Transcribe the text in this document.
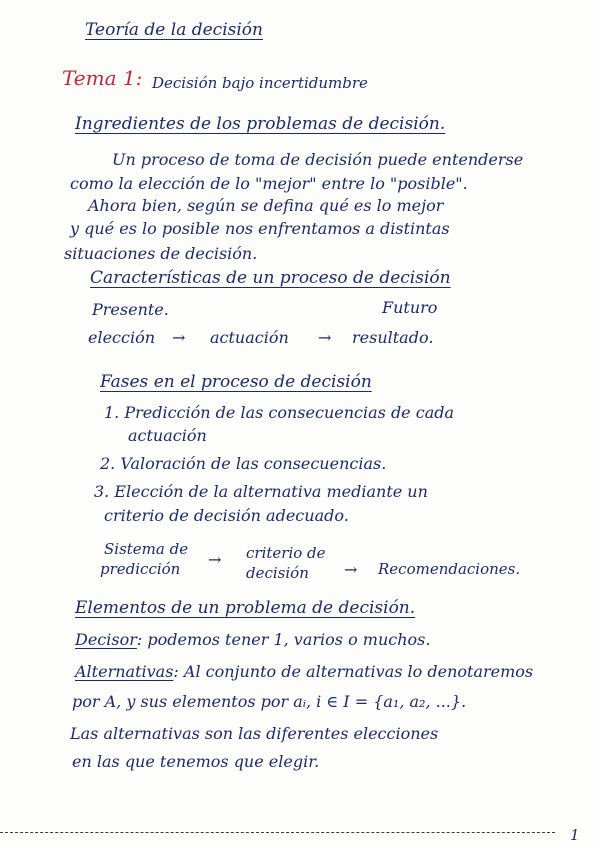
Teoría de la decisión
Tema 1: Decisión bajo incertidumbre
Ingredientes de los problemas de decisión.
Un proceso de toma de decisión puede entenderse
como la elección de lo "mejor" entre lo "posible".
Ahora bien, según se defina qué es lo mejor
y qué es lo posible nos enfrentamos a distintas
situaciones de decisión.
Características de un proceso de decisión
Presente.	Futuro
elección → actuación → resultado.
Fases en el proceso de decisión
1. Predicción de las consecuencias de cada
actuación
2. Valoración de las consecuencias.
3. Elección de la alternativa mediante un
criterio de decisión adecuado.
Sistema de
predicción → criterio de
decisión → Recomendaciones.
Elementos de un problema de decisión.
Decisor: podemos tener 1, varios o muchos.
Alternativas: Al conjunto de alternativas lo denotaremos
por A, y sus elementos por aᵢ, i ∈ I = {a₁, a₂, ...}.
Las alternativas son las diferentes elecciones
en las que tenemos que elegir.
1
